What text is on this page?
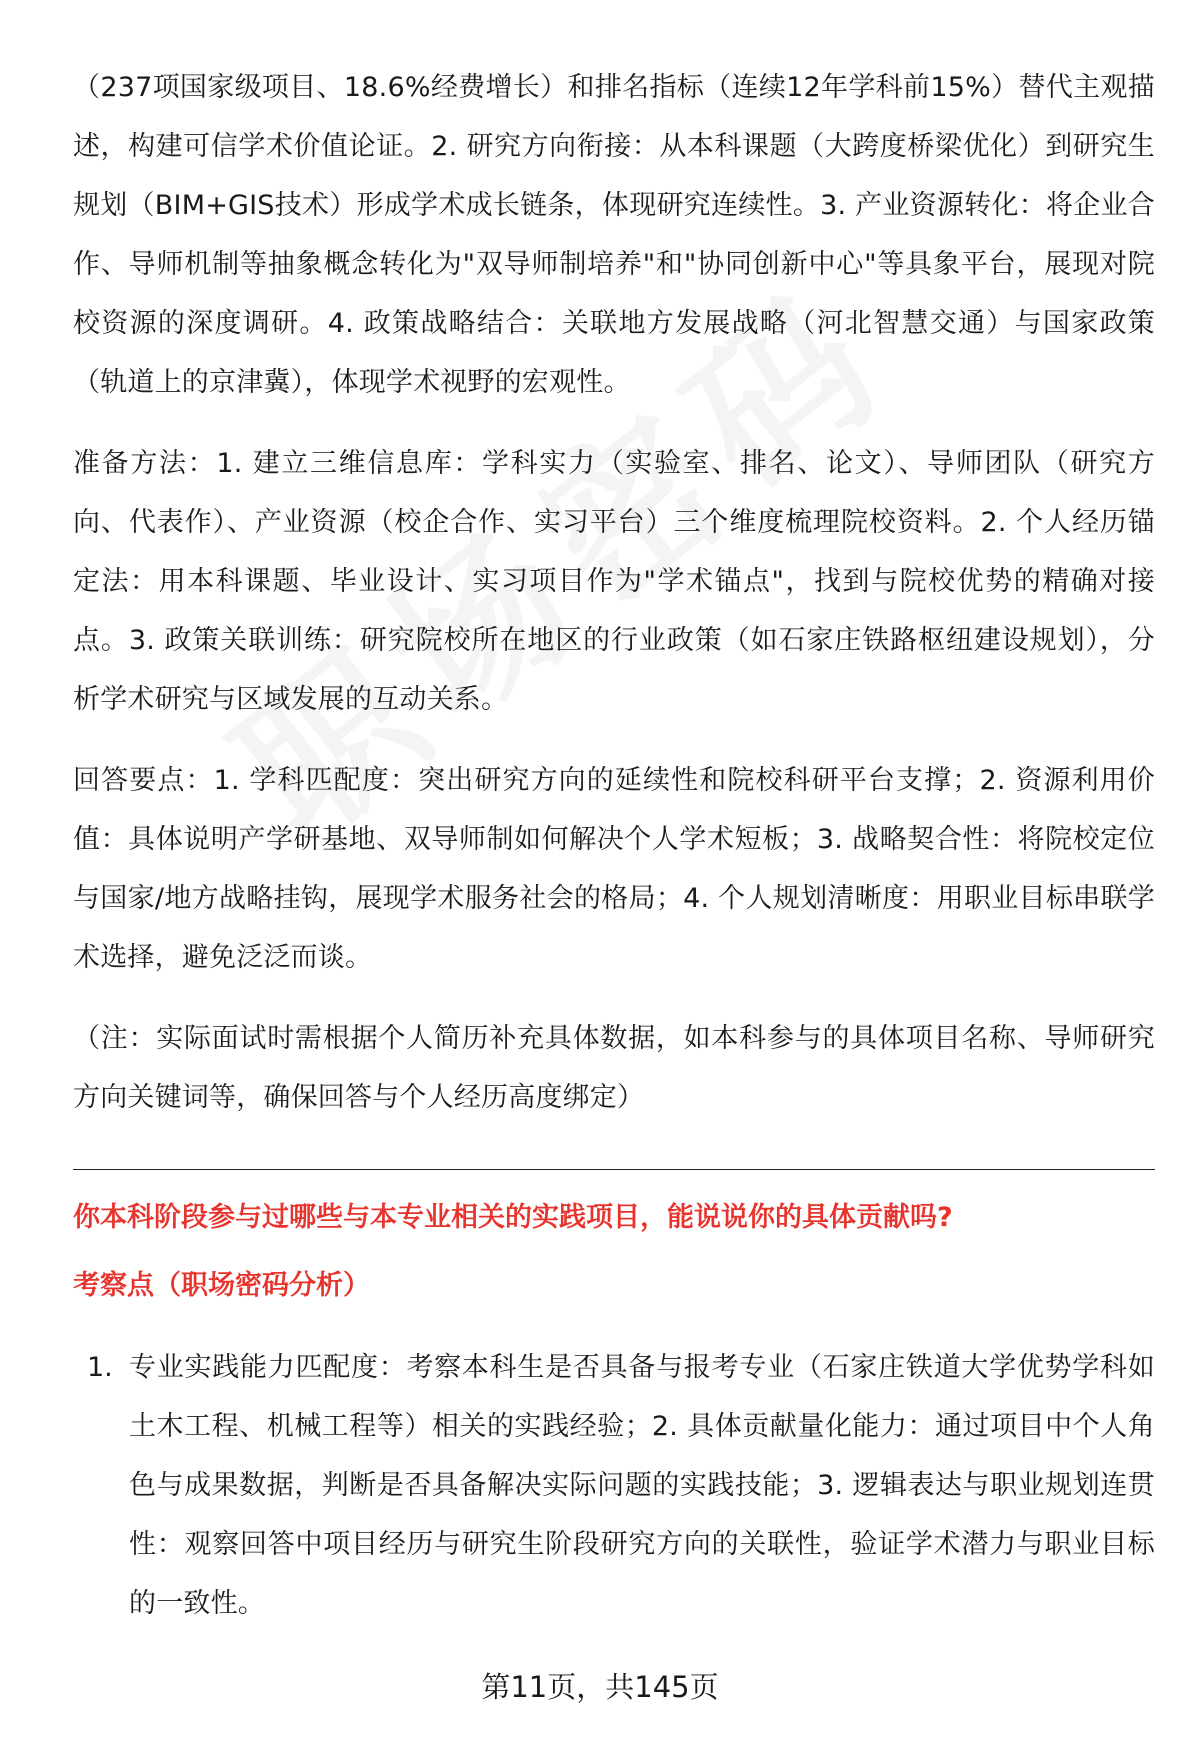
（237项国家级项目、18.6%经费增长）和排名指标（连续12年学科前15%）替代主观描述，构建可信学术价值论证。2. 研究方向衔接：从本科课题（大跨度桥梁优化）到研究生规划（BIM+GIS技术）形成学术成长链条，体现研究连续性。3. 产业资源转化：将企业合作、导师机制等抽象概念转化为"双导师制培养"和"协同创新中心"等具象平台，展现对院校资源的深度调研。4. 政策战略结合：关联地方发展战略（河北智慧交通）与国家政策（轨道上的京津冀），体现学术视野的宏观性。

准备方法：1. 建立三维信息库：学科实力（实验室、排名、论文）、导师团队（研究方向、代表作）、产业资源（校企合作、实习平台）三个维度梳理院校资料。2. 个人经历锚定法：用本科课题、毕业设计、实习项目作为"学术锚点"，找到与院校优势的精确对接点。3. 政策关联训练：研究院校所在地区的行业政策（如石家庄铁路枢纽建设规划），分析学术研究与区域发展的互动关系。

回答要点：1. 学科匹配度：突出研究方向的延续性和院校科研平台支撑；2. 资源利用价值：具体说明产学研基地、双导师制如何解决个人学术短板；3. 战略契合性：将院校定位与国家/地方战略挂钩，展现学术服务社会的格局；4. 个人规划清晰度：用职业目标串联学术选择，避免泛泛而谈。

（注：实际面试时需根据个人简历补充具体数据，如本科参与的具体项目名称、导师研究方向关键词等，确保回答与个人经历高度绑定）

你本科阶段参与过哪些与本专业相关的实践项目，能说说你的具体贡献吗?
考察点（职场密码分析）
1. 专业实践能力匹配度：考察本科生是否具备与报考专业（石家庄铁道大学优势学科如土木工程、机械工程等）相关的实践经验；2. 具体贡献量化能力：通过项目中个人角色与成果数据，判断是否具备解决实际问题的实践技能；3. 逻辑表达与职业规划连贯性：观察回答中项目经历与研究生阶段研究方向的关联性，验证学术潜力与职业目标的一致性。
第11页，共145页
